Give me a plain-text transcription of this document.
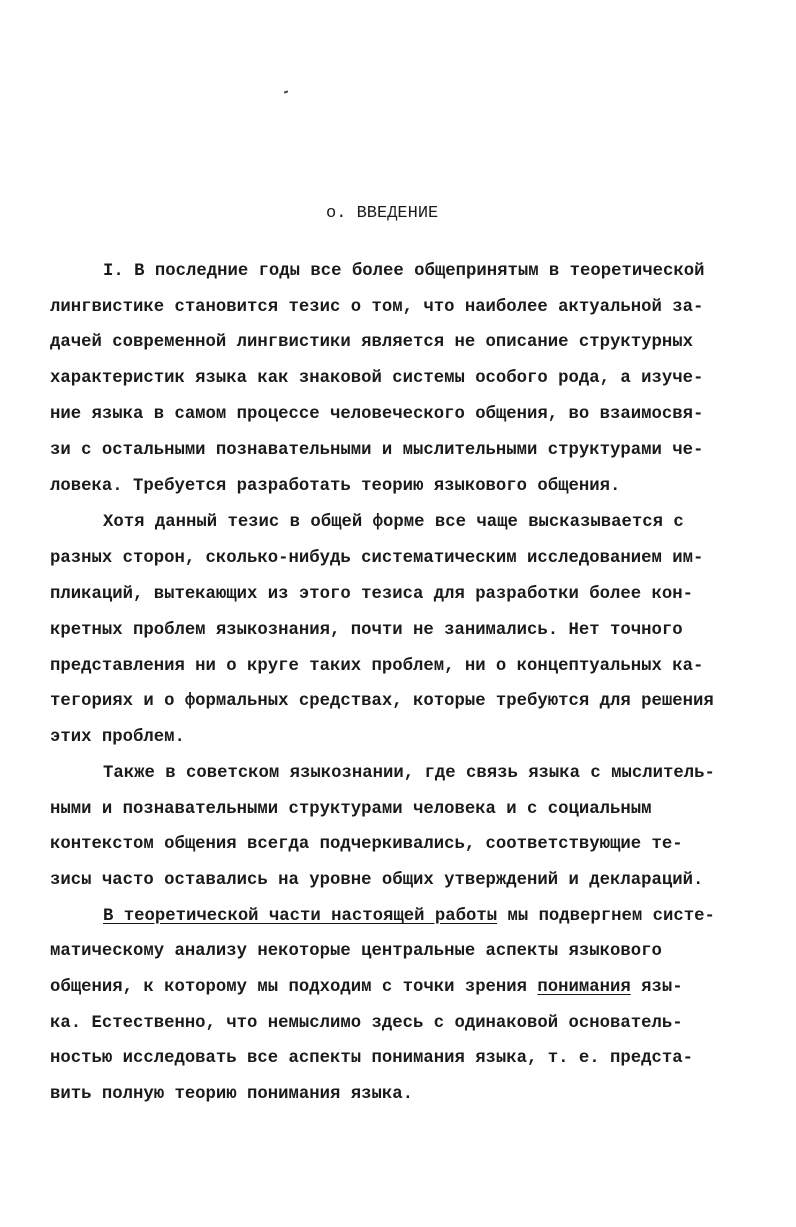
о. ВВЕДЕНИЕ
I. В последние годы все более общепринятым в теоретической
лингвистике становится тезис о том, что наиболее актуальной за-
дачей современной лингвистики является не описание структурных
характеристик языка как знаковой системы особого рода, а изуче-
ние языка в самом процессе человеческого общения, во взаимосвя-
зи с остальными познавательными и мыслительными структурами че-
ловека. Требуется разработать теорию языкового общения.
Хотя данный тезис в общей форме все чаще высказывается с
разных сторон, сколько-нибудь систематическим исследованием им-
пликаций, вытекающих из этого тезиса для разработки более кон-
кретных проблем языкознания, почти не занимались. Нет точного
представления ни о круге таких проблем, ни о концептуальных ка-
тегориях и о формальных средствах, которые требуются для решения
этих проблем.
Также в советском языкознании, где связь языка с мыслитель-
ными и познавательными структурами человека и с социальным
контекстом общения всегда подчеркивались, соответствующие те-
зисы часто оставались на уровне общих утверждений и деклараций.
В теоретической части настоящей работы мы подвергнем систе-
матическому анализу некоторые центральные аспекты языкового
общения, к которому мы подходим с точки зрения понимания язы-
ка. Естественно, что немыслимо здесь с одинаковой основатель-
ностью исследовать все аспекты понимания языка, т. е. предста-
вить полную теорию понимания языка.
